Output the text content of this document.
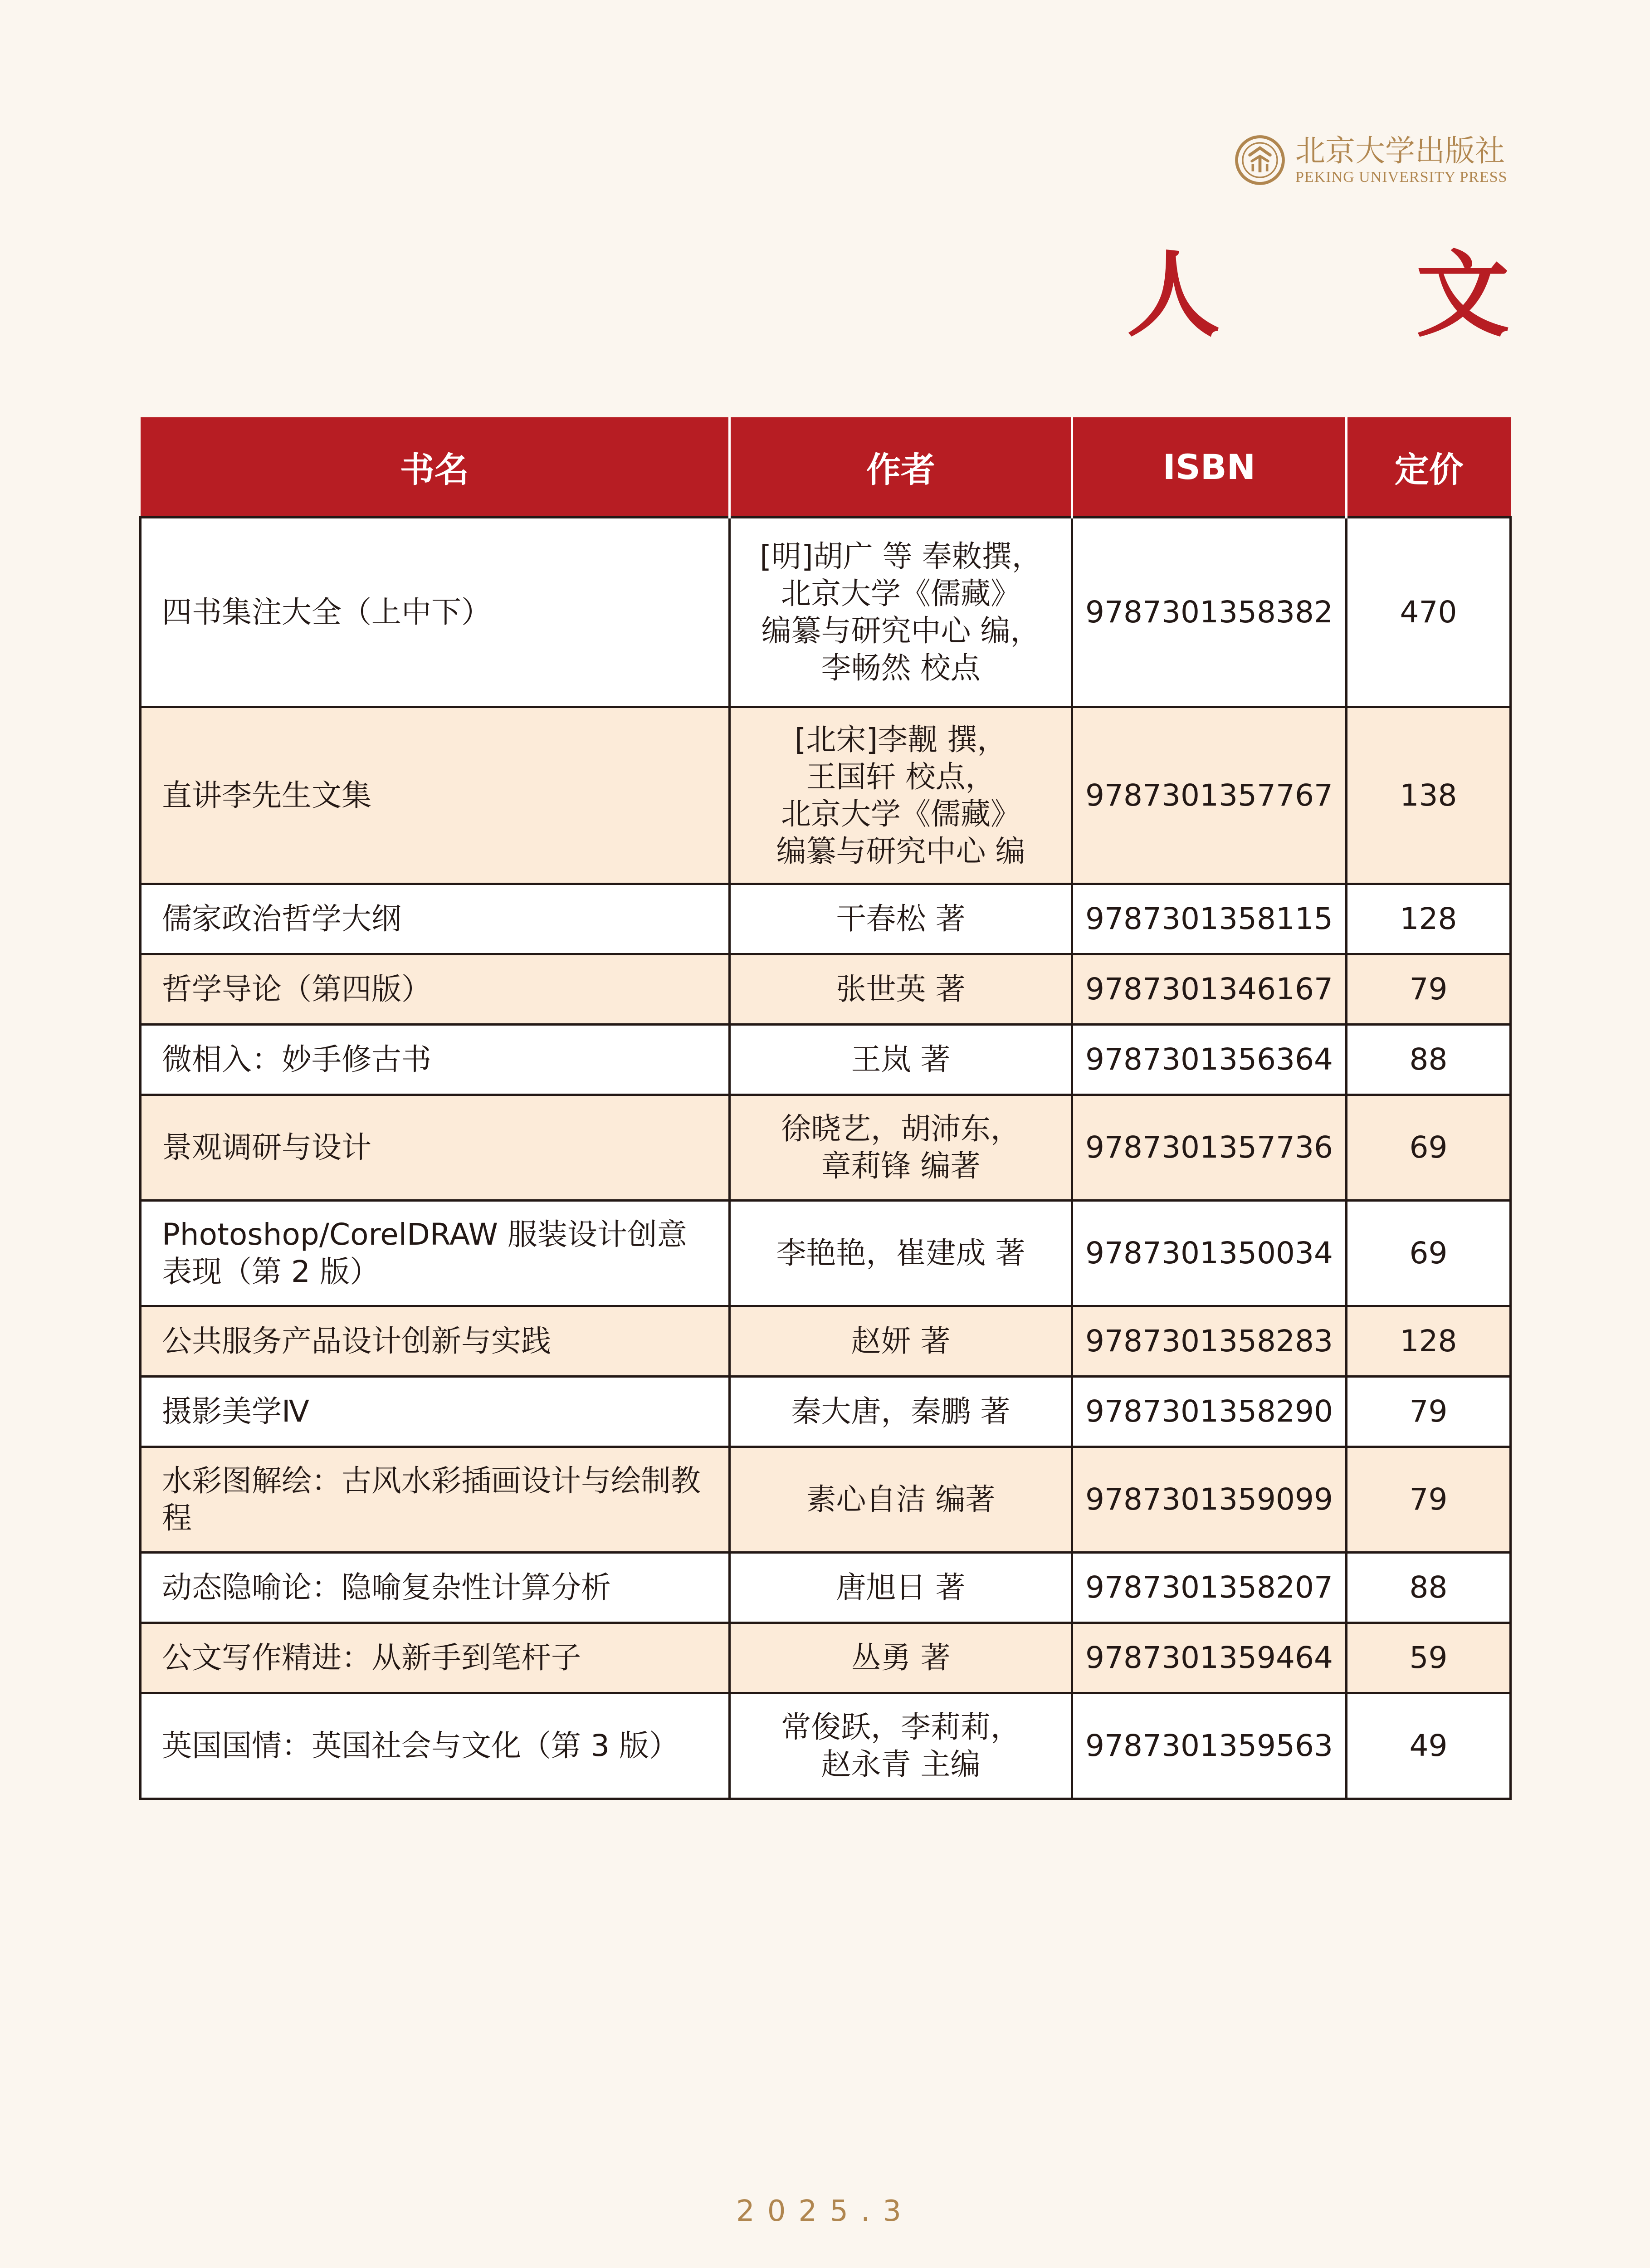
北京大学出版社
PEKING UNIVERSITY PRESS
人 文
书名	作者	ISBN	定价
四书集注大全（上中下）	[明]胡广 等 奉敕撰，
北京大学《儒藏》
编纂与研究中心 编，
李畅然 校点	9787301358382	470
直讲李先生文集	[北宋]李觏 撰，
王国轩 校点，
北京大学《儒藏》
编纂与研究中心 编	9787301357767	138
儒家政治哲学大纲	干春松 著	9787301358115	128
哲学导论（第四版）	张世英 著	9787301346167	79
微相入：妙手修古书	王岚 著	9787301356364	88
景观调研与设计	徐晓艺，胡沛东，
章莉锋 编著	9787301357736	69
Photoshop/CorelDRAW 服装设计创意表现（第 2 版）	李艳艳，崔建成 著	9787301350034	69
公共服务产品设计创新与实践	赵妍 著	9787301358283	128
摄影美学Ⅳ	秦大唐，秦鹏 著	9787301358290	79
水彩图解绘：古风水彩插画设计与绘制教程	素心自洁 编著	9787301359099	79
动态隐喻论：隐喻复杂性计算分析	唐旭日 著	9787301358207	88
公文写作精进：从新手到笔杆子	丛勇 著	9787301359464	59
英国国情：英国社会与文化（第 3 版）	常俊跃，李莉莉，
赵永青 主编	9787301359563	49
2025.3
